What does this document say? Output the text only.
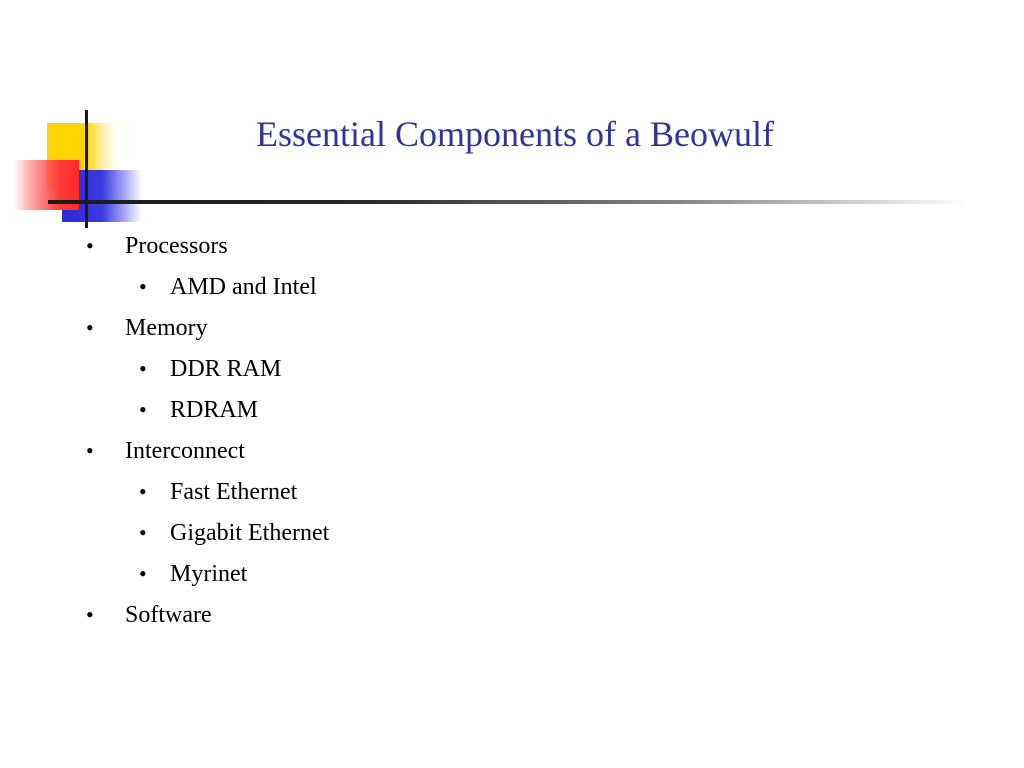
Essential Components of a Beowulf
• Processors
• AMD and Intel
• Memory
• DDR RAM
• RDRAM
• Interconnect
• Fast Ethernet
• Gigabit Ethernet
• Myrinet
• Software
